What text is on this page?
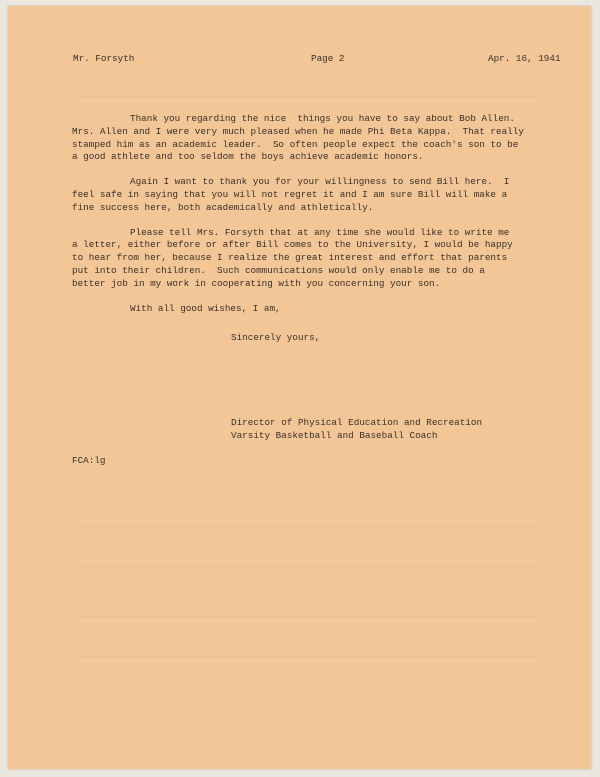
Mr. Forsyth	Page 2	Apr. 16, 1941
Thank you regarding the nice  things you have to say about Bob Allen.
Mrs. Allen and I were very much pleased when he made Phi Beta Kappa.  That really
stamped him as an academic leader.  So often people expect the coach's son to be
a good athlete and too seldom the boys achieve academic honors.
Again I want to thank you for your willingness to send Bill here.  I
feel safe in saying that you will not regret it and I am sure Bill will make a
fine success here, both academically and athletically.
Please tell Mrs. Forsyth that at any time she would like to write me
a letter, either before or after Bill comes to the University, I would be happy
to hear from her, because I realize the great interest and effort that parents
put into their children.  Such communications would only enable me to do a
better job in my work in cooperating with you concerning your son.
With all good wishes, I am,
Sincerely yours,
Director of Physical Education and Recreation
Varsity Basketball and Baseball Coach
FCA:lg
